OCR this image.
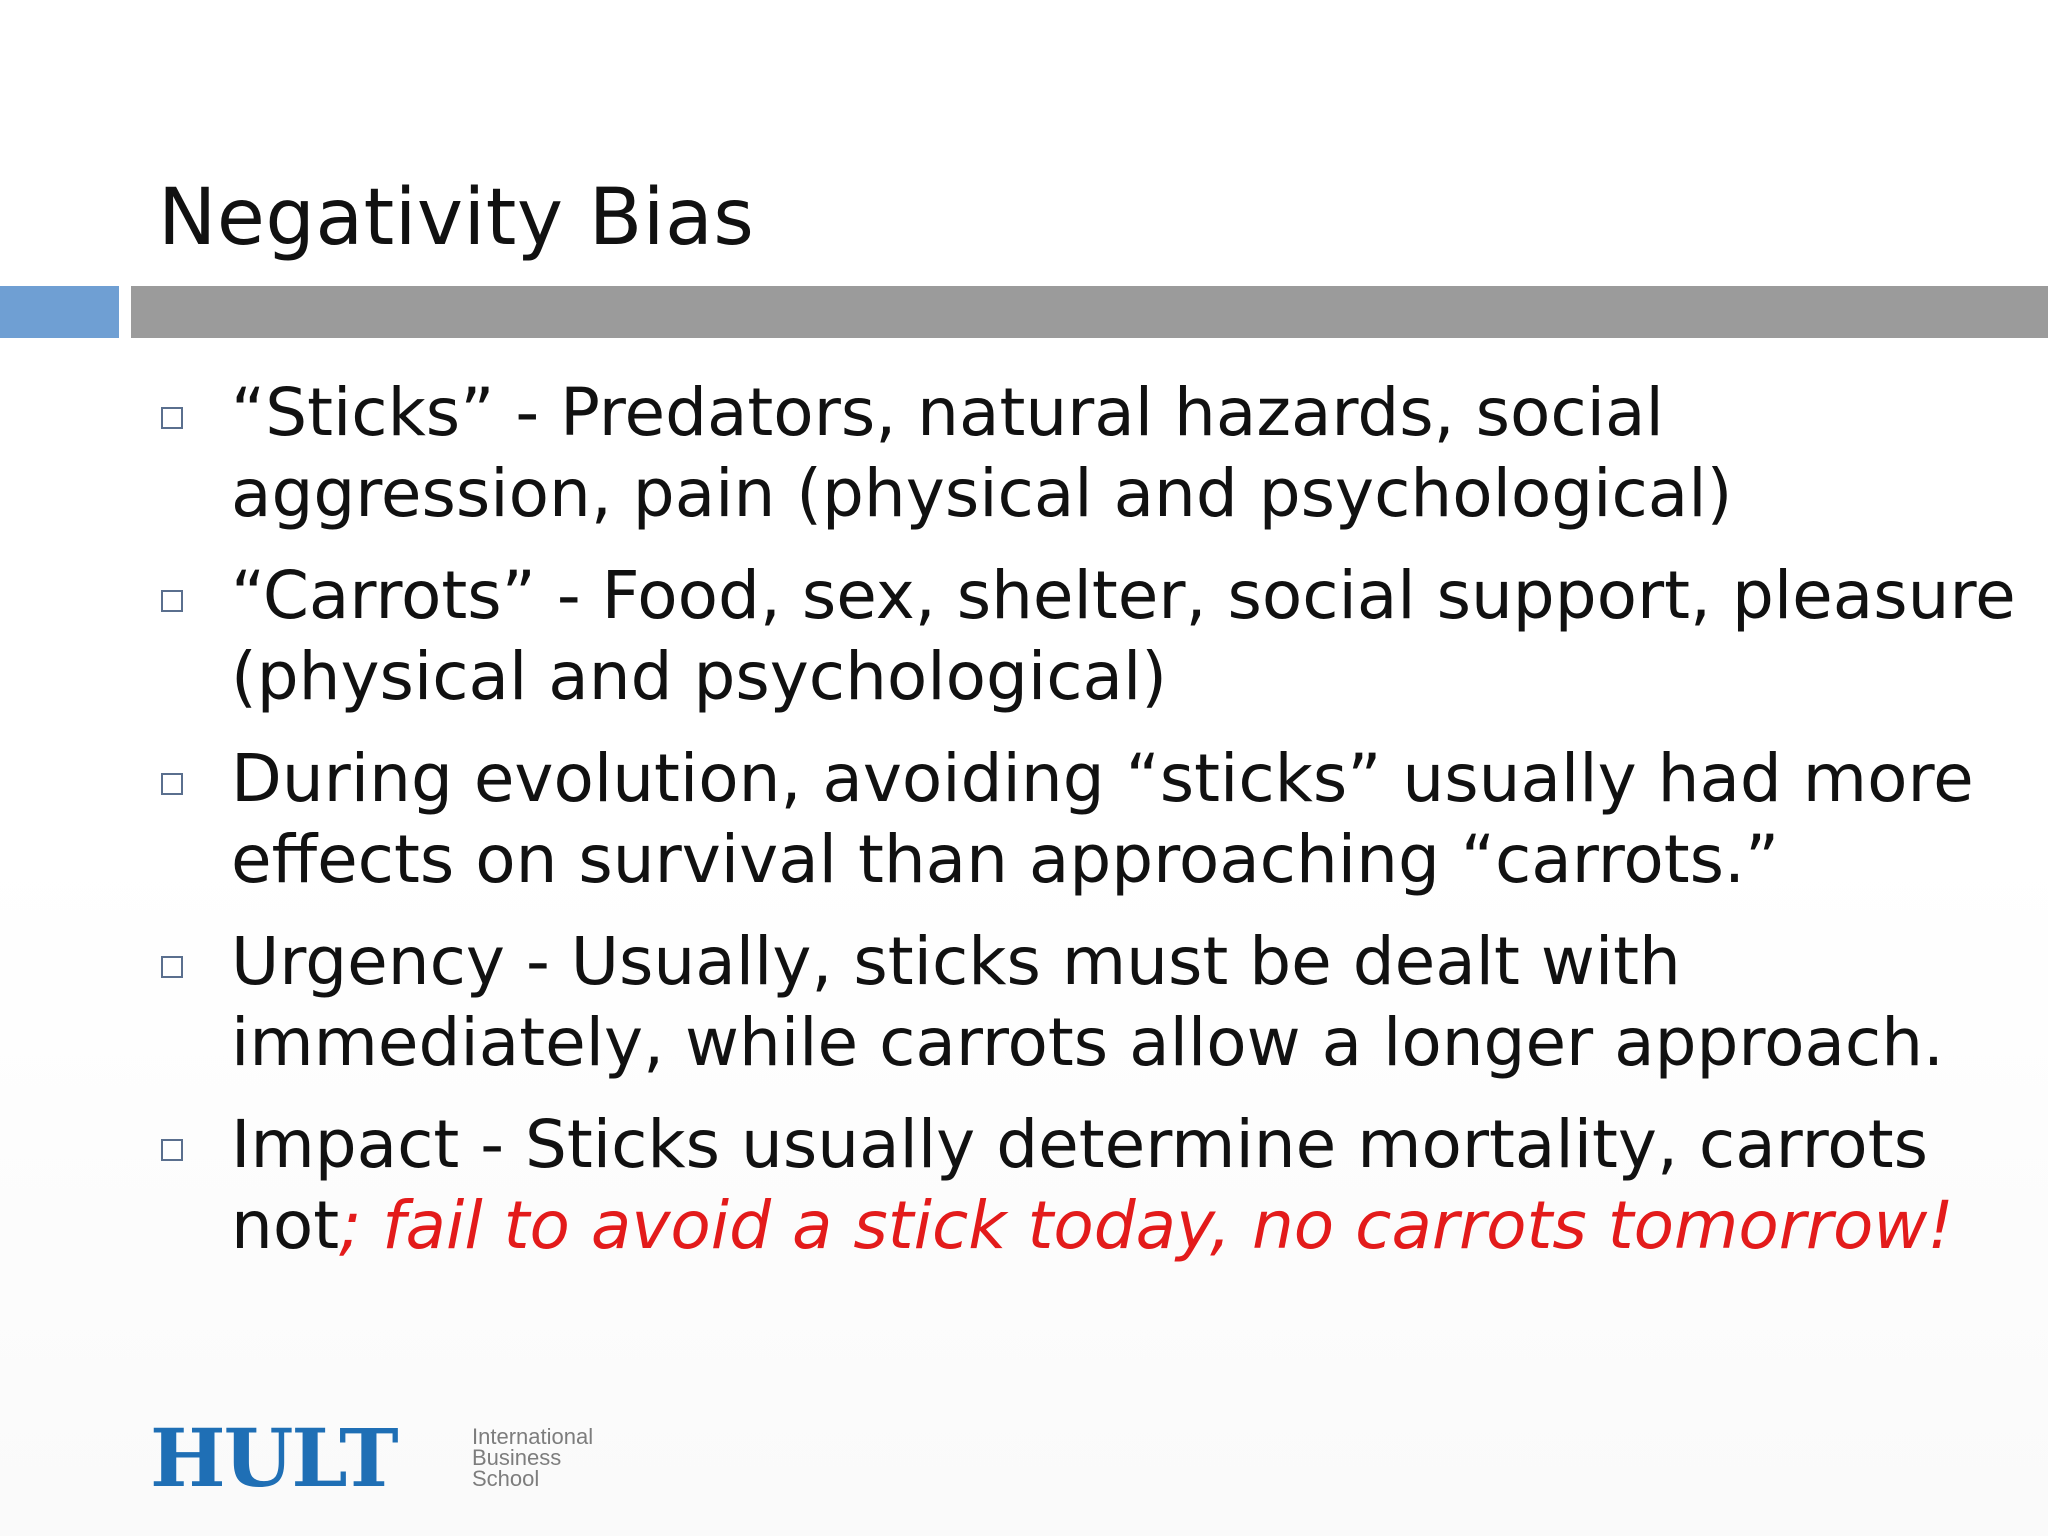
Negativity Bias
“Sticks” - Predators, natural hazards, social aggression, pain (physical and psychological)
“Carrots” - Food, sex, shelter, social support, pleasure (physical and psychological)
During evolution, avoiding “sticks” usually had more effects on survival than approaching “carrots.”
Urgency - Usually, sticks must be dealt with immediately, while carrots allow a longer approach.
Impact - Sticks usually determine mortality, carrots not; fail to avoid a stick today, no carrots tomorrow!
HULT	International
Business
School
